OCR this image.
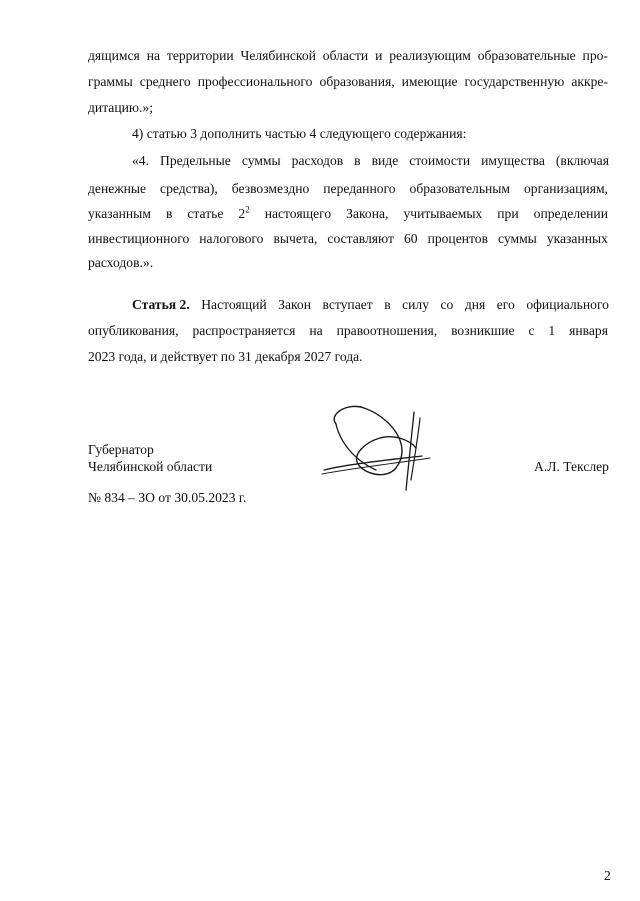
дящимся на территории Челябинской области и реализующим образовательные про-
граммы среднего профессионального образования, имеющие государственную аккре-
дитацию.»;
4) статью 3 дополнить частью 4 следующего содержания:
«4. Предельные суммы расходов в виде стоимости имущества (включая
денежные средства), безвозмездно переданного образовательным организациям,
указанным в статье $2^2$ настоящего Закона, учитываемых при определении
инвестиционного налогового вычета, составляют 60 процентов суммы указанных
расходов.».
Статья 2. Настоящий Закон вступает в силу со дня его официального
опубликования, распространяется на правоотношения, возникшие с 1 января
2023 года, и действует по 31 декабря 2027 года.
Губернатор
Челябинской области	А.Л. Текслер
№ 834 – ЗО от 30.05.2023 г.
2
